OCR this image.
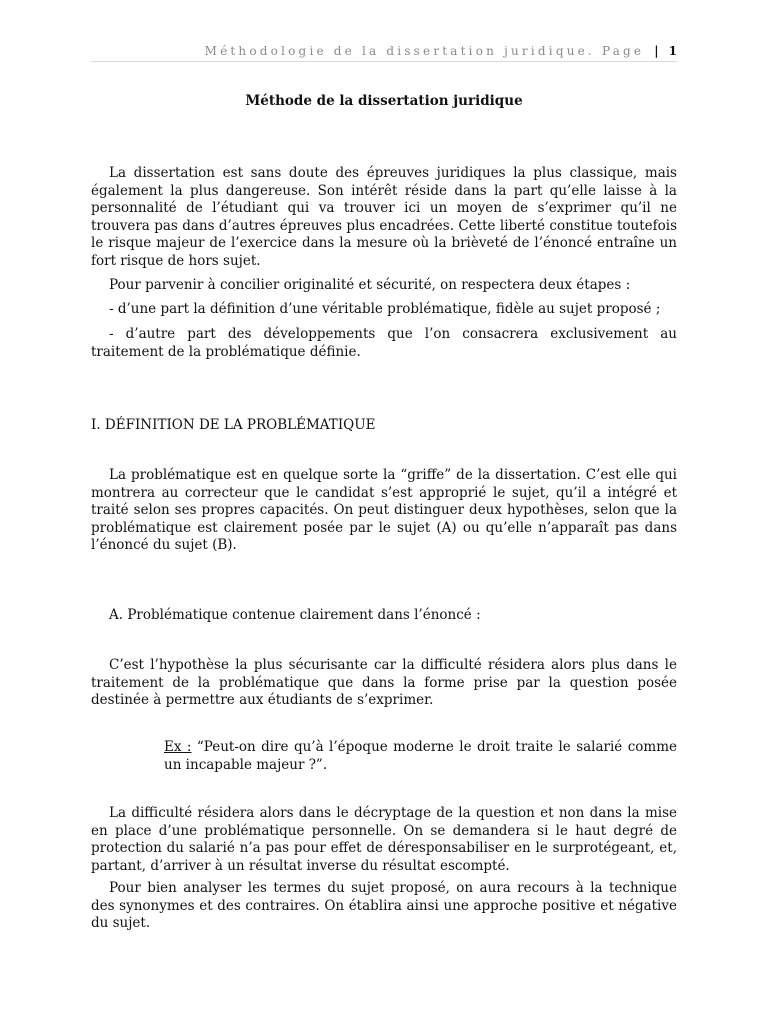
Méthodologie de la dissertation juridique. Page | 1
Méthode de la dissertation juridique

La dissertation est sans doute des épreuves juridiques la plus classique, mais également la plus dangereuse. Son intérêt réside dans la part qu’elle laisse à la personnalité de l’étudiant qui va trouver ici un moyen de s’exprimer qu’il ne trouvera pas dans d’autres épreuves plus encadrées. Cette liberté constitue toutefois le risque majeur de l’exercice dans la mesure où la brièveté de l’énoncé entraîne un fort risque de hors sujet.

Pour parvenir à concilier originalité et sécurité, on respectera deux étapes :

- d’une part la définition d’une véritable problématique, fidèle au sujet proposé ;

- d’autre part des développements que l’on consacrera exclusivement au traitement de la problématique définie.

I. DÉFINITION DE LA PROBLÉMATIQUE

La problématique est en quelque sorte la “griffe” de la dissertation. C’est elle qui montrera au correcteur que le candidat s’est approprié le sujet, qu’il a intégré et traité selon ses propres capacités. On peut distinguer deux hypothèses, selon que la problématique est clairement posée par le sujet (A) ou qu’elle n’apparaît pas dans l’énoncé du sujet (B).

A. Problématique contenue clairement dans l’énoncé :

C’est l’hypothèse la plus sécurisante car la difficulté résidera alors plus dans le traitement de la problématique que dans la forme prise par la question posée destinée à permettre aux étudiants de s’exprimer.

Ex : “Peut-on dire qu’à l’époque moderne le droit traite le salarié comme un incapable majeur ?”.

La difficulté résidera alors dans le décryptage de la question et non dans la mise en place d’une problématique personnelle. On se demandera si le haut degré de protection du salarié n’a pas pour effet de déresponsabiliser en le surprotégeant, et, partant, d’arriver à un résultat inverse du résultat escompté.

Pour bien analyser les termes du sujet proposé, on aura recours à la technique des synonymes et des contraires. On établira ainsi une approche positive et négative du sujet.
